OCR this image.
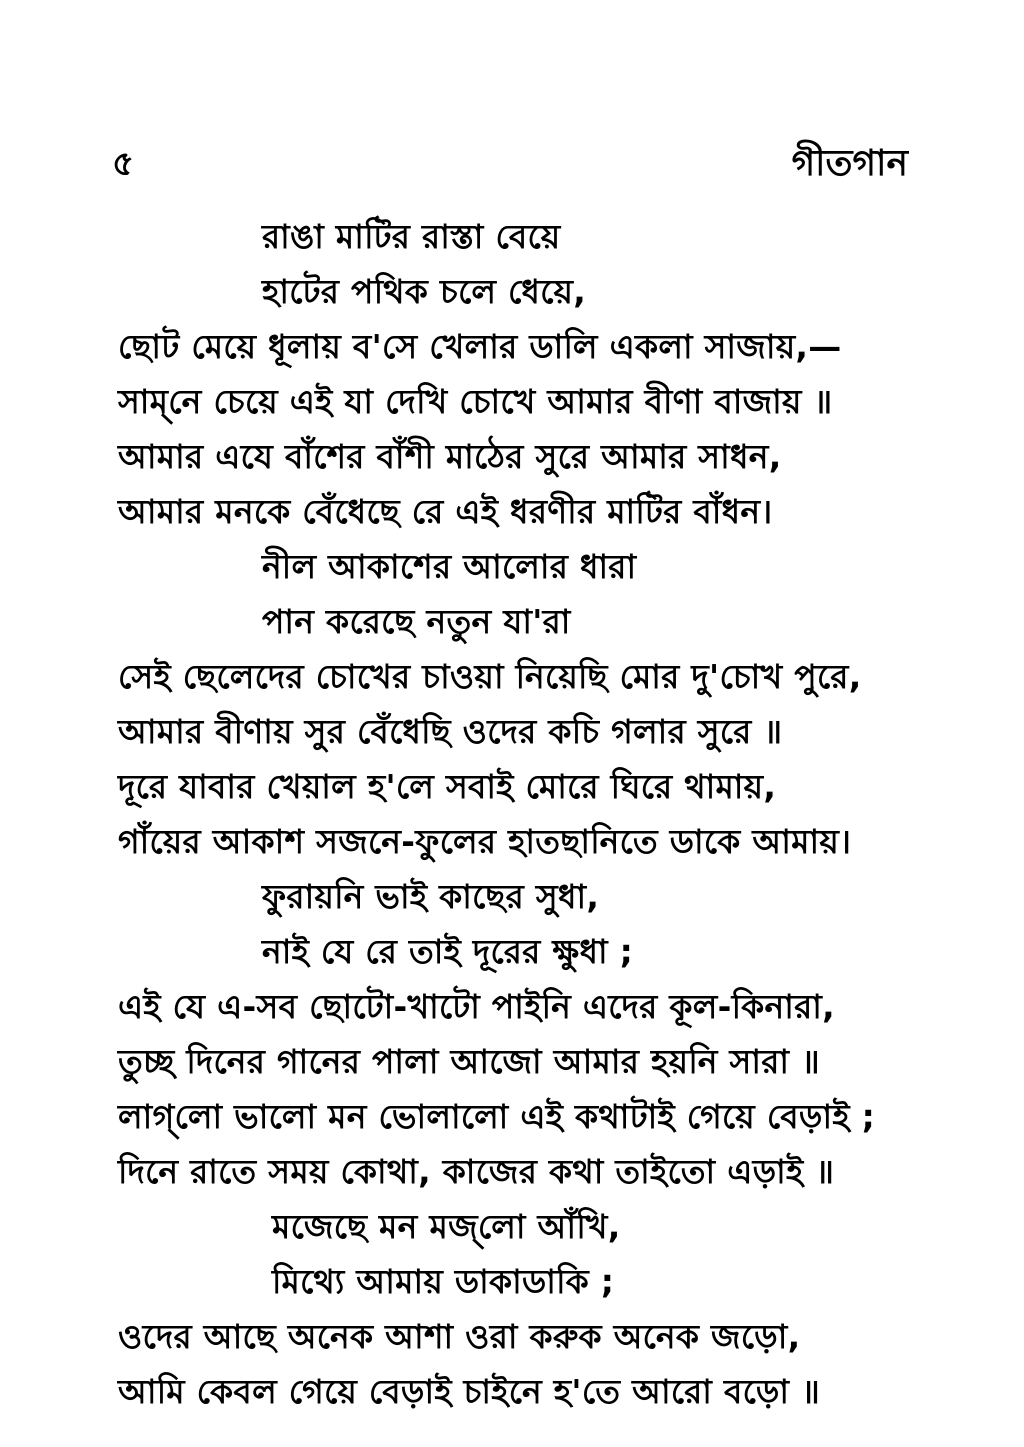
৫	গীতগান
রাঙা মাটির রাস্তা বেয়ে
হাটের পথিক চলে ধেয়ে,
ছোট মেয়ে ধূলায় ব'সে খেলার ডালি একলা সাজায়,—
সাম্‌নে চেয়ে এই যা দেখি চোখে আমার বীণা বাজায় ॥
আমার এযে বাঁশের বাঁশী মাঠের সুরে আমার সাধন,
আমার মনকে বেঁধেছে রে এই ধরণীর মাটির বাঁধন।
নীল আকাশের আলোর ধারা
পান করেছে নতুন যা'রা
সেই ছেলেদের চোখের চাওয়া নিয়েছি মোর দু'চোখ পুরে,
আমার বীণায় সুর বেঁধেছি ওদের কচি গলার সুরে ॥
দূরে যাবার খেয়াল হ'লে সবাই মোরে ঘিরে থামায়,
গাঁয়ের আকাশ সজনে-ফুলের হাতছানিতে ডাকে আমায়।
ফুরায়নি ভাই কাছের সুধা,
নাই যে রে তাই দূরের ক্ষুধা ;
এই যে এ-সব ছোটো-খাটো পাইনি এদের কূল-কিনারা,
তুচ্ছ দিনের গানের পালা আজো আমার হয়নি সারা ॥
লাগ্‌লো ভালো মন ভোলালো এই কথাটাই গেয়ে বেড়াই ;
দিনে রাতে সময় কোথা, কাজের কথা তাইতো এড়াই ॥
মজেছে মন মজ্‌লো আঁখি,
মিথ্যে আমায় ডাকাডাকি ;
ওদের আছে অনেক আশা ওরা করুক অনেক জড়ো,
আমি কেবল গেয়ে বেড়াই চাইনে হ'তে আরো বড়ো ॥
